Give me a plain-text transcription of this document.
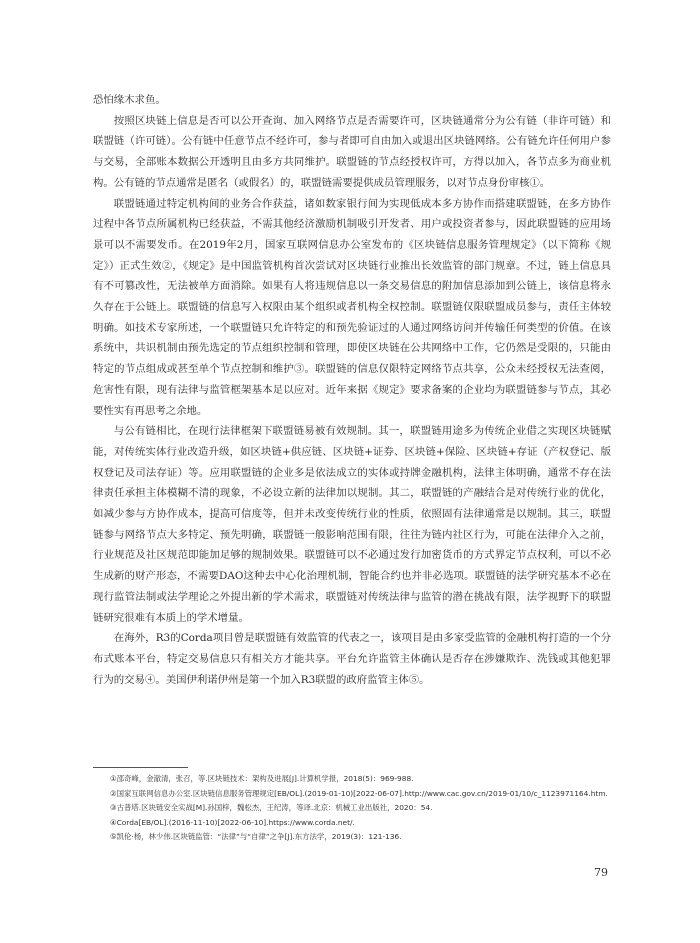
恐怕缘木求鱼。

按照区块链上信息是否可以公开查询、加入网络节点是否需要许可，区块链通常分为公有链（非许可链）和联盟链（许可链）。公有链中任意节点不经许可，参与者即可自由加入或退出区块链网络。公有链允许任何用户参与交易，全部账本数据公开透明且由多方共同维护。联盟链的节点经授权许可，方得以加入，各节点多为商业机构。公有链的节点通常是匿名（或假名）的，联盟链需要提供成员管理服务，以对节点身份审核①。

联盟链通过特定机构间的业务合作获益，诸如数家银行间为实现低成本多方协作而搭建联盟链，在多方协作过程中各节点所属机构已经获益，不需其他经济激励机制吸引开发者、用户或投资者参与，因此联盟链的应用场景可以不需要发币。在2019年2月，国家互联网信息办公室发布的《区块链信息服务管理规定》（以下简称《规定》）正式生效②，《规定》是中国监管机构首次尝试对区块链行业推出长效监管的部门规章。不过，链上信息具有不可篡改性，无法被单方面消除。如果有人将违规信息以一条交易信息的附加信息添加到公链上，该信息将永久存在于公链上。联盟链的信息写入权限由某个组织或者机构全权控制。联盟链仅限联盟成员参与，责任主体较明确。如技术专家所述，一个联盟链只允许特定的和预先验证过的人通过网络访问并传输任何类型的价值。在该系统中，共识机制由预先选定的节点组织控制和管理，即使区块链在公共网络中工作，它仍然是受限的，只能由特定的节点组成或甚至单个节点控制和维护③。联盟链的信息仅限特定网络节点共享，公众未经授权无法查阅，危害性有限，现有法律与监管框架基本足以应对。近年来据《规定》要求备案的企业均为联盟链参与节点，其必要性实有再思考之余地。

与公有链相比，在现行法律框架下联盟链易被有效规制。其一，联盟链用途多为传统企业借之实现区块链赋能，对传统实体行业改造升级，如区块链+供应链、区块链+证券、区块链+保险、区块链+存证（产权登记、版权登记及司法存证）等。应用联盟链的企业多是依法成立的实体或持牌金融机构，法律主体明确，通常不存在法律责任承担主体模糊不清的现象，不必设立新的法律加以规制。其二，联盟链的产融结合是对传统行业的优化，如减少参与方协作成本，提高可信度等，但并未改变传统行业的性质，依照固有法律通常是以规制。其三，联盟链参与网络节点大多特定、预先明确，联盟链一般影响范围有限，往往为链内社区行为，可能在法律介入之前，行业规范及社区规范即能加足够的规制效果。联盟链可以不必通过发行加密货币的方式界定节点权利，可以不必生成新的财产形态，不需要DAO这种去中心化治理机制，智能合约也并非必选项。联盟链的法学研究基本不必在现行监管法制或法学理论之外提出新的学术需求，联盟链对传统法律与监管的潜在挑战有限，法学视野下的联盟链研究很难有本质上的学术增量。

在海外，R3的Corda项目曾是联盟链有效监管的代表之一，该项目是由多家受监管的金融机构打造的一个分布式账本平台，特定交易信息只有相关方才能共享。平台允许监管主体确认是否存在涉嫌欺诈、洗钱或其他犯罪行为的交易④。美国伊利诺伊州是第一个加入R3联盟的政府监管主体⑤。

①邵奇峰，金澈清，张召，等.区块链技术：架构及进展[J].计算机学报，2018(5)：969-988.

②国家互联网信息办公室.区块链信息服务管理规定[EB/OL].(2019-01-10)[2022-06-07].http://www.cac.gov.cn/2019-01/10/c_1123971164.htm.

③古普塔.区块链安全实战[M].孙国梓，魏松杰，王纪涛，等译.北京：机械工业出版社，2020：54.

④Corda[EB/OL].(2016-11-10)[2022-06-10].https://www.corda.net/.

⑤凯伦·杨，林少伟.区块链监管：“法律”与“自律”之争[J].东方法学，2019(3)：121-136.

79
